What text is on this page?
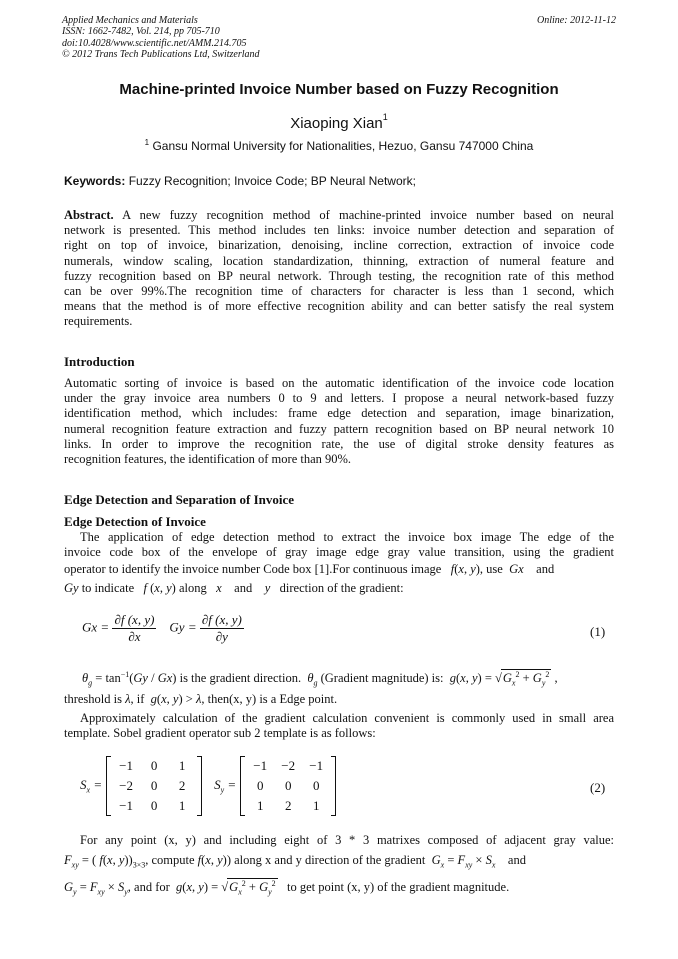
Applied Mechanics and Materials
ISSN: 1662-7482, Vol. 214, pp 705-710
doi:10.4028/www.scientific.net/AMM.214.705
© 2012 Trans Tech Publications Ltd, Switzerland
Online: 2012-11-12
Machine-printed Invoice Number based on Fuzzy Recognition
Xiaoping Xian$^1$
$^1$ Gansu Normal University for Nationalities, Hezuo, Gansu 747000 China
Keywords: Fuzzy Recognition; Invoice Code; BP Neural Network;
Abstract. A new fuzzy recognition method of machine-printed invoice number based on neural
network is presented. This method includes ten links: invoice number detection and separation of
right on top of invoice, binarization, denoising, incline correction, extraction of invoice code
numerals, window scaling, location standardization, thinning, extraction of numeral feature and
fuzzy recognition based on BP neural network. Through testing, the recognition rate of this method
can be over 99%.The recognition time of characters for character is less than 1 second, which
means that the method is of more effective recognition ability and can better satisfy the real system
requirements.
Introduction
Automatic sorting of invoice is based on the automatic identification of the invoice code location
under the gray invoice area numbers 0 to 9 and letters. I propose a neural network-based fuzzy
identification method, which includes: frame edge detection and separation, image binarization,
numeral recognition feature extraction and fuzzy pattern recognition based on BP neural network 10
links. In order to improve the recognition rate, the use of digital stroke density features as
recognition features, the identification of more than 90%.
Edge Detection and Separation of Invoice
Edge Detection of Invoice
The application of edge detection method to extract the invoice box image The edge of the
invoice code box of the envelope of gray image edge gray value transition, using the gradient
operator to identify the invoice number Code box [1].For continuous image f(x, y), use Gx and
Gy to indicate f (x, y) along x and y direction of the gradient:
$Gx = \frac{\partial f (x, y)}{\partial x}$ $Gy = \frac{\partial f (x, y)}{\partial y}$	(1)
$\theta_g = \tan^{-1}(Gy / Gx)$ is the gradient direction. $\theta_g$ (Gradient magnitude) is: g(x, $y) = √G_x^2 + G_y^2$ ,
threshold is λ, if g(x, y) > λ, then(x, y) is a Edge point.
Approximately calculation of the gradient calculation convenient is commonly used in small area
template. Sobel gradient operator sub 2 template is as follows:
$S_x$ =
−1	0	1
−2	0	2
−1	0	1
$S_y$ =
−1	−2	−1
0	0	0
1	2	1
(2)
For any point (x, y) and including eight of 3 * 3 matrixes composed of adjacent gray value:
$F_{xy}$ = ( f(x, $y))_{3\times 3}$, compute f(x, y)) along x and y direction of the gradient $G_x = F_{xy} \times S_x$ and
$G_y = F_{xy} \times S_y$, and for g(x, $y) = √G_x^2 + G_y^2$ to get point (x, y) of the gradient magnitude.
